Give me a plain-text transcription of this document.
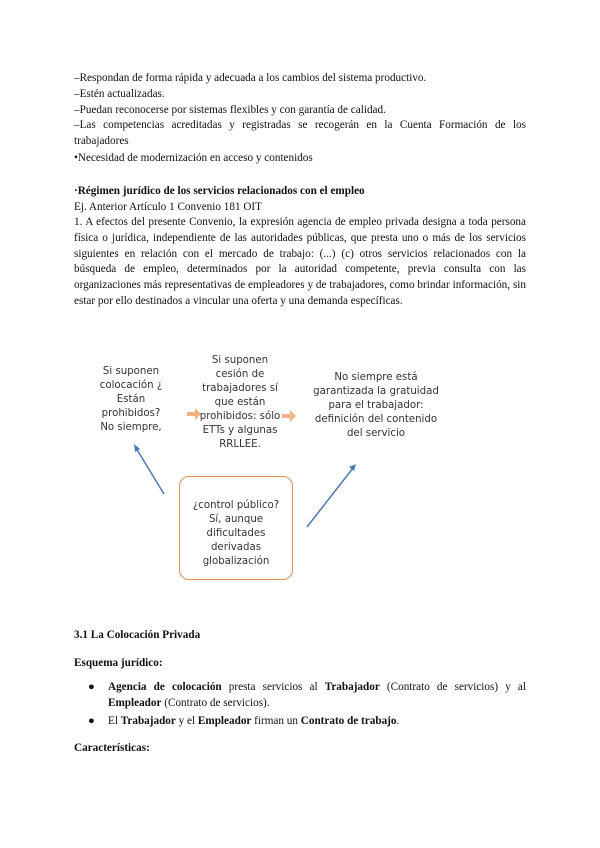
–Respondan de forma rápida y adecuada a los cambios del sistema productivo.
–Estén actualizadas.
–Puedan reconocerse por sistemas flexibles y con garantía de calidad.
–Las competencias acreditadas y registradas se recogerán en la Cuenta Formación de los trabajadores
•Necesidad de modernización en acceso y contenidos
·Régimen jurídico de los servicios relacionados con el empleo
Ej. Anterior Artículo 1 Convenio 181 OIT
1. A efectos del presente Convenio, la expresión agencia de empleo privada designa a toda persona física o jurídica, independiente de las autoridades públicas, que presta uno o más de los servicios siguientes en relación con el mercado de trabajo: (...) (c) otros servicios relacionados con la búsqueda de empleo, determinados por la autoridad competente, previa consulta con las organizaciones más representativas de empleadores y de trabajadores, como brindar información, sin estar por ello destinados a vincular una oferta y una demanda específicas.
Si suponen
colocación ¿
Están
prohibidos?
No siempre,
Si suponen
cesión de
trabajadores sí
que están
prohibidos: sólo
ETTs y algunas
RRLLEE.
No siempre está
garantizada la gratuidad
para el trabajador:
definición del contenido
del servicio
¿control público?
Sí, aunque
dificultades
derivadas
globalización
3.1 La Colocación Privada
Esquema jurídico:
● Agencia de colocación presta servicios al Trabajador (Contrato de servicios) y al Empleador (Contrato de servicios).
● El Trabajador y el Empleador firman un Contrato de trabajo.
Características:
